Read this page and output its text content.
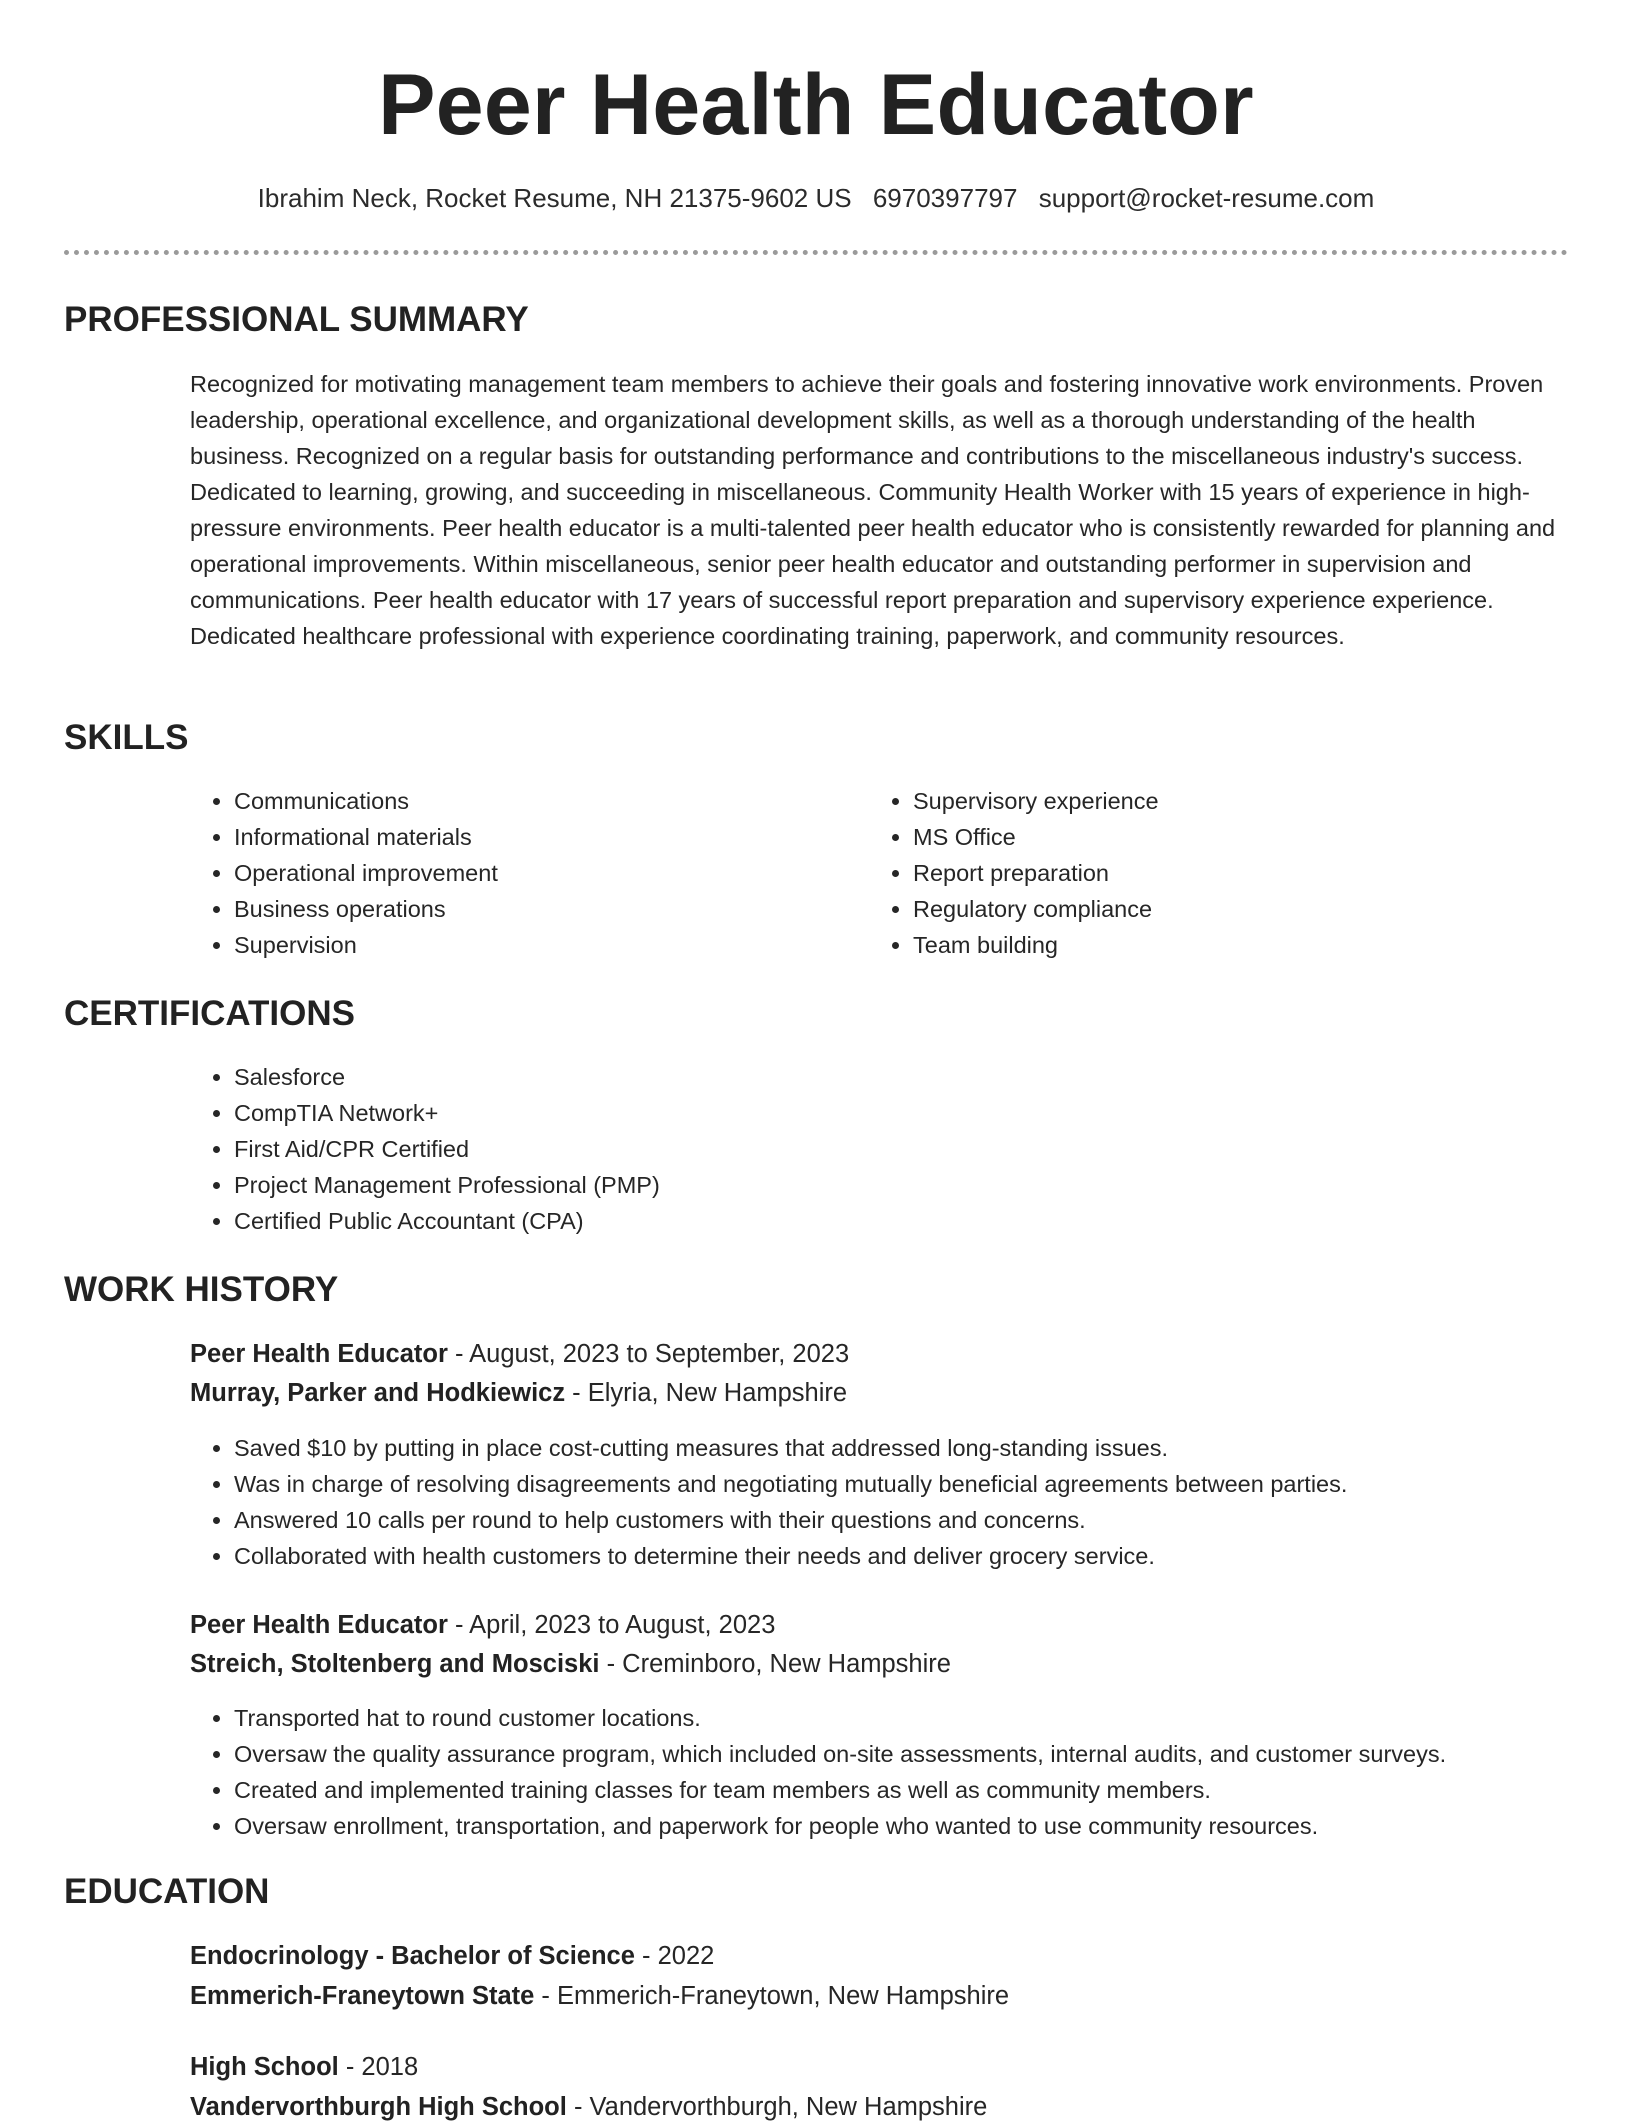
Peer Health Educator
Ibrahim Neck, Rocket Resume, NH 21375-9602 US 6970397797 support@rocket-resume.com
PROFESSIONAL SUMMARY

Recognized for motivating management team members to achieve their goals and fostering innovative work environments. Proven leadership, operational excellence, and organizational development skills, as well as a thorough understanding of the health business. Recognized on a regular basis for outstanding performance and contributions to the miscellaneous industry's success. Dedicated to learning, growing, and succeeding in miscellaneous. Community Health Worker with 15 years of experience in high-pressure environments. Peer health educator is a multi-talented peer health educator who is consistently rewarded for planning and operational improvements. Within miscellaneous, senior peer health educator and outstanding performer in supervision and communications. Peer health educator with 17 years of successful report preparation and supervisory experience experience. Dedicated healthcare professional with experience coordinating training, paperwork, and community resources.

SKILLS
• Communications
• Informational materials
• Operational improvement
• Business operations
• Supervision
• Supervisory experience
• MS Office
• Report preparation
• Regulatory compliance
• Team building
CERTIFICATIONS
• Salesforce
• CompTIA Network+
• First Aid/CPR Certified
• Project Management Professional (PMP)
• Certified Public Accountant (CPA)
WORK HISTORY
Peer Health Educator - August, 2023 to September, 2023
Murray, Parker and Hodkiewicz - Elyria, New Hampshire
• Saved $10 by putting in place cost-cutting measures that addressed long-standing issues.
• Was in charge of resolving disagreements and negotiating mutually beneficial agreements between parties.
• Answered 10 calls per round to help customers with their questions and concerns.
• Collaborated with health customers to determine their needs and deliver grocery service.
Peer Health Educator - April, 2023 to August, 2023
Streich, Stoltenberg and Mosciski - Creminboro, New Hampshire
• Transported hat to round customer locations.
• Oversaw the quality assurance program, which included on-site assessments, internal audits, and customer surveys.
• Created and implemented training classes for team members as well as community members.
• Oversaw enrollment, transportation, and paperwork for people who wanted to use community resources.
EDUCATION
Endocrinology - Bachelor of Science - 2022
Emmerich-Franeytown State - Emmerich-Franeytown, New Hampshire
High School - 2018
Vandervorthburgh High School - Vandervorthburgh, New Hampshire
